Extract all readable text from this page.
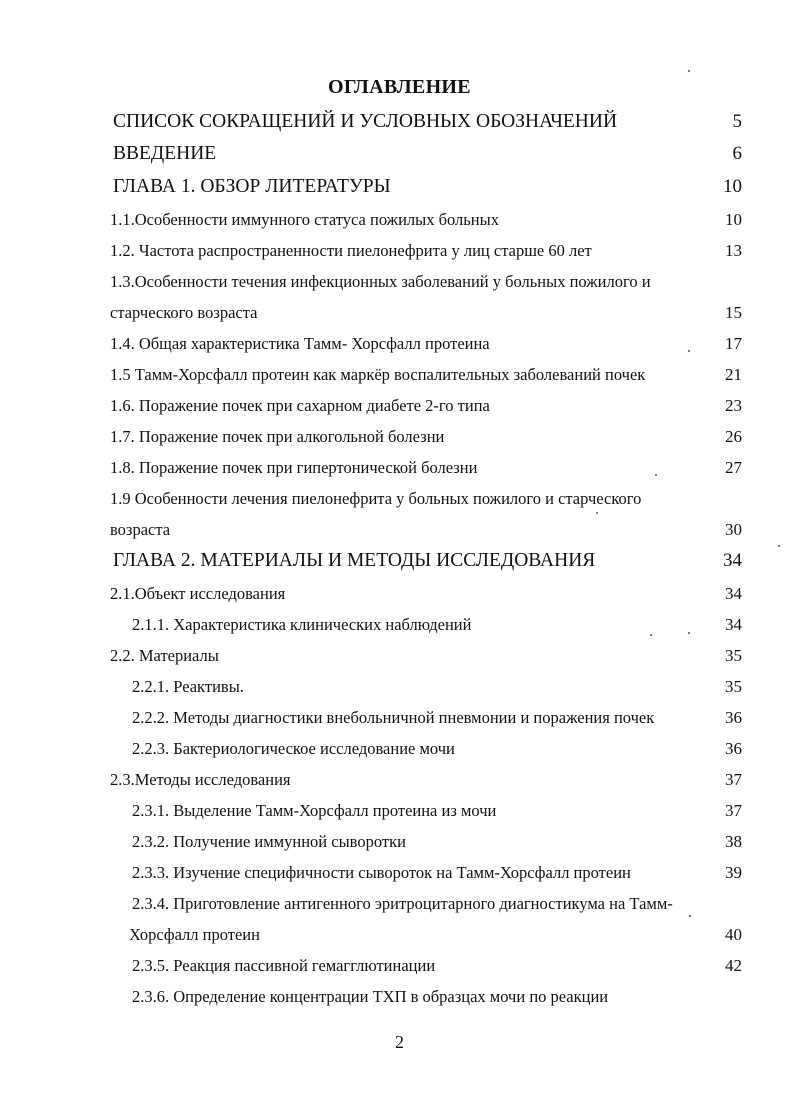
ОГЛАВЛЕНИЕ
СПИСОК СОКРАЩЕНИЙ И УСЛОВНЫХ ОБОЗНАЧЕНИЙ	5
ВВЕДЕНИЕ	6
ГЛАВА 1. ОБЗОР ЛИТЕРАТУРЫ	10
1.1.Особенности иммунного статуса пожилых больных	10
1.2. Частота распространенности пиелонефрита у лиц старше 60 лет	13
1.3.Особенности течения инфекционных заболеваний у больных пожилого и
старческого возраста	15
1.4. Общая характеристика Тамм- Хорсфалл протеина	17
1.5 Тамм-Хорсфалл протеин как маркёр воспалительных заболеваний почек	21
1.6. Поражение почек при сахарном диабете 2-го типа	23
1.7. Поражение почек при алкогольной болезни	26
1.8. Поражение почек при гипертонической болезни	27
1.9 Особенности лечения пиелонефрита у больных пожилого и старческого
возраста	30
ГЛАВА 2. МАТЕРИАЛЫ И МЕТОДЫ ИССЛЕДОВАНИЯ	34
2.1.Объект исследования	34
2.1.1. Характеристика клинических наблюдений	34
2.2. Материалы	35
2.2.1. Реактивы.	35
2.2.2. Методы диагностики внебольничной пневмонии и поражения почек	36
2.2.3. Бактериологическое исследование мочи	36
2.3.Методы исследования	37
2.3.1. Выделение Тамм-Хорсфалл протеина из мочи	37
2.3.2. Получение иммунной сыворотки	38
2.3.3. Изучение специфичности сывороток на Тамм-Хорсфалл протеин	39
2.3.4. Приготовление антигенного эритроцитарного диагностикума на Тамм-
Хорсфалл протеин	40
2.3.5. Реакция пассивной гемагглютинации	42
2.3.6. Определение концентрации ТХП в образцах мочи по реакции
2
